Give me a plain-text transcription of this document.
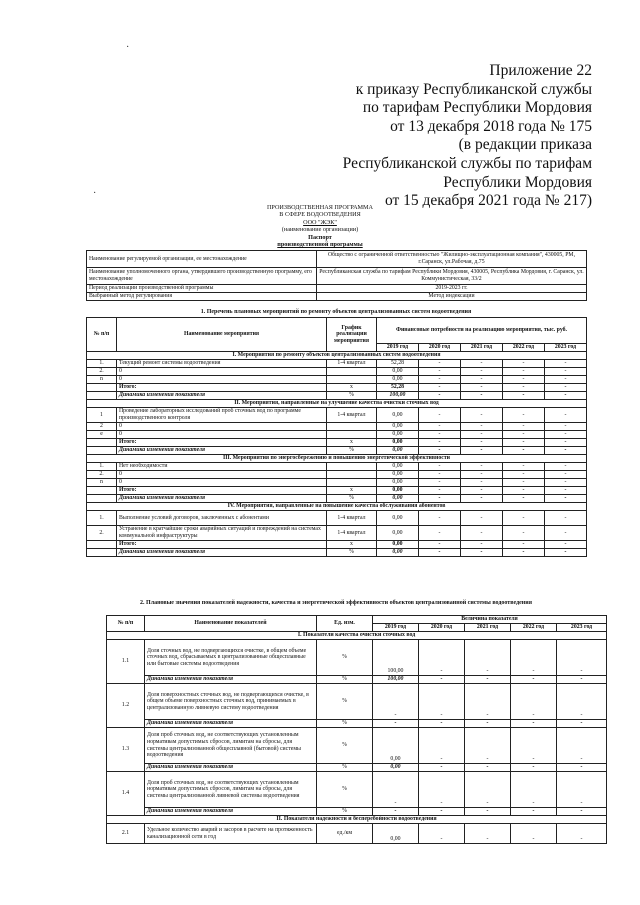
Приложение 22
к приказу Республиканской службы
по тарифам Республики Мордовия
от 13 декабря 2018 года № 175
(в редакции приказа
Республиканской службы по тарифам
Республики Мордовия
от 15 декабря 2021 года № 217)
·
·
ПРОИЗВОДСТВЕННАЯ ПРОГРАММА
В СФЕРЕ ВОДООТВЕДЕНИЯ
ООО "ЖЭК"
(наименование организации)
Паспорт
производственной программы
Наименование регулируемой организации, ее местонахождение	Общество с ограниченной ответственностью "Жилищно-эксплуатационная компания", 430005, РМ, г.Саранск, ул.Рабочая, д.75
Наименование уполномоченного органа, утвердившего производственную программу, его местонахождение	Республиканская служба по тарифам Республики Мордовия, 430005, Республика Мордовия, г. Саранск, ул. Коммунистическая, 33/2
Период реализации производственной программы	2019-2023 гг.
Выбранный метод регулирования	Метод индексации
1. Перечень плановых мероприятий по ремонту объектов централизованных систем водоотведения
№ п/п	Наименование мероприятия	График реализации мероприятия	Финансовые потребности на реализацию мероприятия, тыс. руб.				
			2019 год	2020 год	2021 год	2022 год	2023 год
I. Мероприятия по ремонту объектов централизованных систем водоотведения							
1.	Текущий ремонт системы водоотведения	1-4 квартал	52,28	-	-	-	-
2.	0		0,00	-	-	-	-
n	0		0,00	-	-	-	-
	Итого:	x	52,28	-	-	-	-
	Динамика изменения показателя	%	100,00	-	-	-	-
II. Мероприятия, направленные на улучшение качества очистки сточных вод							
1	Проведение лабораторных исследований проб сточных вод по программе производственного контроля	1-4 квартал	0,00	-	-	-	-
2	0		0,00	-	-	-	-
e	0		0,00	-	-	-	-
	Итого:	x	0,00	-	-	-	-
	Динамика изменения показателя	%	0,00	-	-	-	-
III. Мероприятия по энергосбережению и повышению энергетической эффективности							
1.	Нет необходимости		0,00	-	-	-	-
2.	0		0,00	-	-	-	-
n	0		0,00	-	-	-	-
	Итого:	x	0,00	-	-	-	-
	Динамика изменения показателя	%	0,00	-	-	-	-
IV. Мероприятия, направленные на повышение качества обслуживания абонентов							
1.	Выполнение условий договоров, заключенных с абонентами	1-4 квартал	0,00	-	-	-	-
2.	Устранение в кратчайшие сроки аварийных ситуаций и повреждений на системах коммунальной инфраструктуры	1-4 квартал	0,00	-	-	-	-
	Итого:	x	0,00	-	-	-	-
	Динамика изменения показателя	%	0,00	-	-	-	-
2. Плановые значения показателей надежности, качества и энергетической эффективности объектов централизованной системы водоотведения
№ п/п	Наименование показателей	Ед. изм.	Величина показателя				
			2019 год	2020 год	2021 год	2022 год	2023 год
I. Показатели качества очистки сточных вод							
1.1	Доля сточных вод, не подвергающихся очистке, в общем объеме сточных вод, сбрасываемых в централизованные общесплавные или бытовые системы водоотведения	%	100,00	-	-	-	-
	Динамика изменения показателя	%	100,00	-	-	-	-
1.2	Доля поверхностных сточных вод, не подвергающихся очистке, в общем объеме поверхностных сточных вод, принимаемых в централизованную ливневую систему водоотведения	%	-	-	-	-	-
	Динамика изменения показателя	%	-	-	-	-	-
1.3	Доля проб сточных вод, не соответствующих установленным нормативам допустимых сбросов, лимитам на сбросы, для системы централизованной общесплавной (бытовой) системы водоотведения	%	0,00	-	-	-	-
	Динамика изменения показателя	%	0,00	-	-	-	-
1.4	Доля проб сточных вод, не соответствующих установленным нормативам допустимых сбросов, лимитам на сбросы, для системы централизованной ливневой системы водоотведения	%	-	-	-	-	-
	Динамика изменения показателя	%	-	-	-	-	-
II. Показатели надежности и бесперебойности водоотведения							
2.1	Удельное количество аварий и засоров в расчете на протяженность канализационной сети в год	ед./км	0,00	-	-	-	-
